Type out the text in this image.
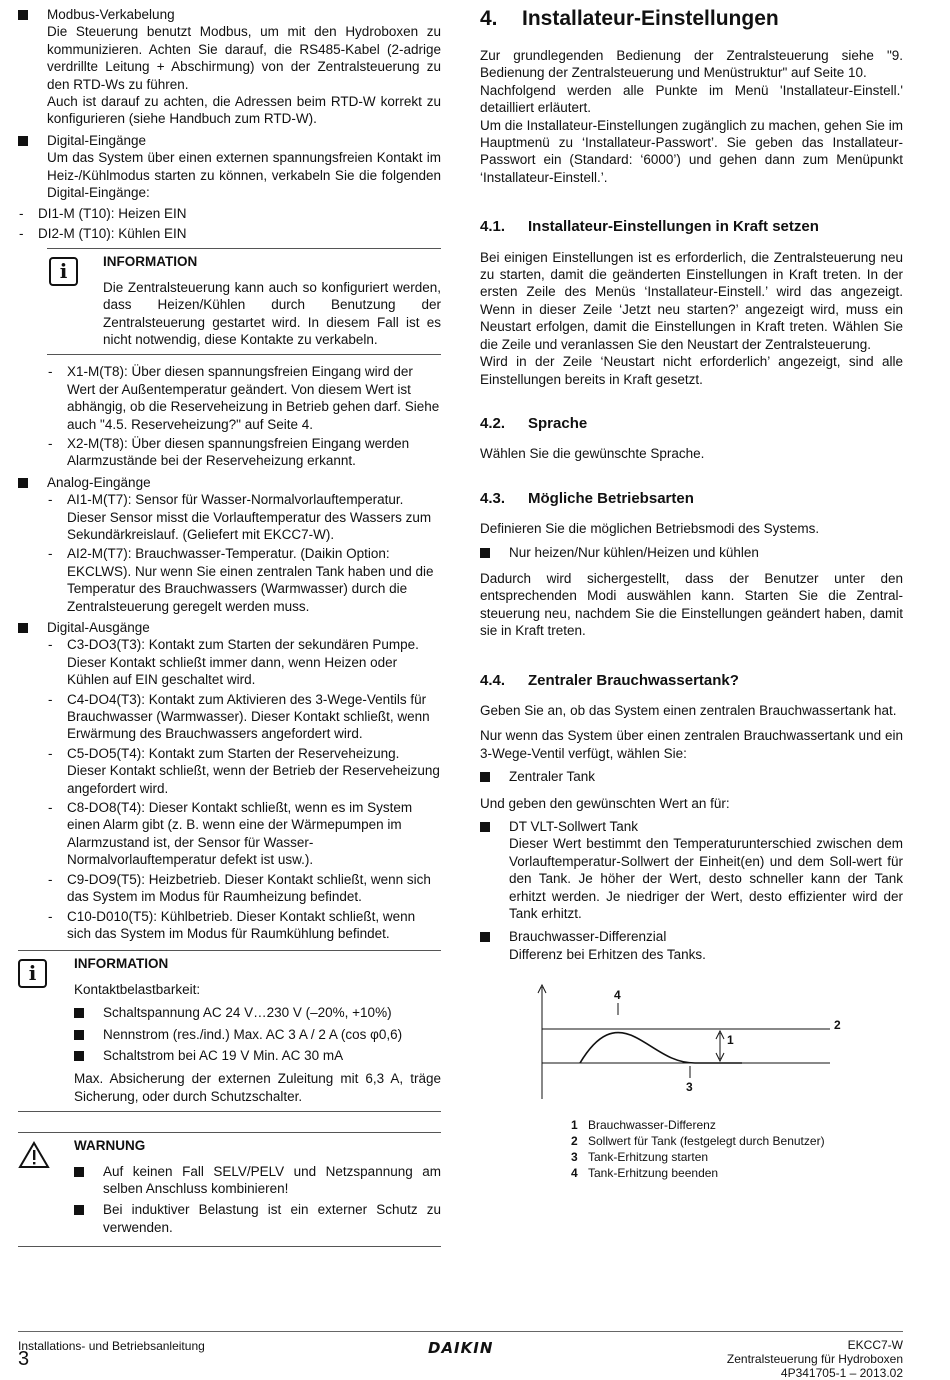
Modbus-Verkabelung

Die Steuerung benutzt Modbus, um mit den Hydroboxen zu kommunizieren. Achten Sie darauf, die RS485-Kabel (2-adrige verdrillte Leitung + Abschirmung) von der Zentralsteuerung zu den RTD-Ws zu führen.

Auch ist darauf zu achten, die Adressen beim RTD-W korrekt zu konfigurieren (siehe Handbuch zum RTD-W).

Digital-Eingänge

Um das System über einen externen spannungsfreien Kontakt im Heiz-/Kühlmodus starten zu können, verkabeln Sie die folgenden Digital-Eingänge:

- DI1-M (T10): Heizen EIN
- DI2-M (T10): Kühlen EIN
i	INFORMATION

Die Zentralsteuerung kann auch so konfiguriert werden, dass Heizen/Kühlen durch Benutzung der Zentralsteuerung gestartet wird. In diesem Fall ist es nicht notwendig, diese Kontakte zu verkabeln.

- X1-M(T8): Über diesen spannungsfreien Eingang wird der Wert der Außentemperatur geändert. Von diesem Wert ist abhängig, ob die Reserveheizung in Betrieb gehen darf. Siehe auch "4.5. Reserveheizung?" auf Seite 4.
- X2-M(T8): Über diesen spannungsfreien Eingang werden Alarmzustände bei der Reserveheizung erkannt.

Analog-Eingänge

- AI1-M(T7): Sensor für Wasser-Normalvorlauftemperatur. Dieser Sensor misst die Vorlauftemperatur des Wassers zum Sekundärkreislauf. (Geliefert mit EKCC7-W).
- AI2-M(T7): Brauchwasser-Temperatur. (Daikin Option: EKCLWS). Nur wenn Sie einen zentralen Tank haben und die Temperatur des Brauchwassers (Warmwasser) durch die Zentralsteuerung geregelt werden muss.

Digital-Ausgänge

- C3-DO3(T3): Kontakt zum Starten der sekundären Pumpe. Dieser Kontakt schließt immer dann, wenn Heizen oder Kühlen auf EIN geschaltet wird.
- C4-DO4(T3): Kontakt zum Aktivieren des 3-Wege-Ventils für Brauchwasser (Warmwasser). Dieser Kontakt schließt, wenn Erwärmung des Brauchwassers angefordert wird.
- C5-DO5(T4): Kontakt zum Starten der Reserveheizung. Dieser Kontakt schließt, wenn der Betrieb der Reserveheizung angefordert wird.
- C8-DO8(T4): Dieser Kontakt schließt, wenn es im System einen Alarm gibt (z. B. wenn eine der Wärmepumpen im Alarmzustand ist, der Sensor für Wasser-Normalvorlauftemperatur defekt ist usw.).
- C9-DO9(T5): Heizbetrieb. Dieser Kontakt schließt, wenn sich das System im Modus für Raumheizung befindet.
- C10-D010(T5): Kühlbetrieb. Dieser Kontakt schließt, wenn sich das System im Modus für Raumkühlung befindet.
i	INFORMATION

Kontaktbelastbarkeit:

Schaltspannung AC 24 V…230 V (–20%, +10%)
Nennstrom (res./ind.) Max. AC 3 A / 2 A (cos φ0,6)
Schaltstrom bei AC 19 V Min. AC 30 mA

Max. Absicherung der externen Zuleitung mit 6,3 A, träge Sicherung, oder durch Schutzschalter.

WARNUNG

Auf keinen Fall SELV/PELV und Netzspannung am selben Anschluss kombinieren!
Bei induktiver Belastung ist ein externer Schutz zu verwenden.
4. Installateur-Einstellungen

Zur grundlegenden Bedienung der Zentralsteuerung siehe "9. Bedienung der Zentralsteuerung und Menüstruktur" auf Seite 10.

Nachfolgend werden alle Punkte im Menü 'Installateur-Einstell.' detailliert erläutert.

Um die Installateur-Einstellungen zugänglich zu machen, gehen Sie im Hauptmenü zu ‘Installateur-Passwort’. Sie geben das Installateur-Passwort ein (Standard: ‘6000’) und gehen dann zum Menüpunkt ‘Installateur-Einstell.’.

4.1. Installateur-Einstellungen in Kraft setzen

Bei einigen Einstellungen ist es erforderlich, die Zentralsteuerung neu zu starten, damit die geänderten Einstellungen in Kraft treten. In der ersten Zeile des Menüs ‘Installateur-Einstell.’ wird das angezeigt. Wenn in dieser Zeile ‘Jetzt neu starten?’ angezeigt wird, muss ein Neustart erfolgen, damit die Einstellungen in Kraft treten. Wählen Sie die Zeile und veranlassen Sie den Neustart der Zentralsteuerung.

Wird in der Zeile ‘Neustart nicht erforderlich’ angezeigt, sind alle Einstellungen bereits in Kraft gesetzt.

4.2. Sprache

Wählen Sie die gewünschte Sprache.

4.3. Mögliche Betriebsarten

Definieren Sie die möglichen Betriebsmodi des Systems.

Nur heizen/Nur kühlen/Heizen und kühlen

Dadurch wird sichergestellt, dass der Benutzer unter den entsprechenden Modi auswählen kann. Starten Sie die Zentral-steuerung neu, nachdem Sie die Einstellungen geändert haben, damit sie in Kraft treten.

4.4. Zentraler Brauchwassertank?

Geben Sie an, ob das System einen zentralen Brauchwassertank hat.

Nur wenn das System über einen zentralen Brauchwassertank und ein 3-Wege-Ventil verfügt, wählen Sie:

Zentraler Tank

Und geben den gewünschten Wert an für:

DT VLT-Sollwert Tank

Dieser Wert bestimmt den Temperaturunterschied zwischen dem Vorlauftemperatur-Sollwert der Einheit(en) und dem Soll-wert für den Tank. Je höher der Wert, desto schneller kann der Tank erhitzt werden. Je niedriger der Wert, desto effizienter wird der Tank erhitzt.

Brauchwasser-Differenzial

Differenz bei Erhitzen des Tanks.

4
2
1
3
1 Brauchwasser-Differenz
2 Sollwert für Tank (festgelegt durch Benutzer)
3 Tank-Erhitzung starten
4 Tank-Erhitzung beenden
Installations- und Betriebsanleitung
3	DAIKIN	EKCC7-W
Zentralsteuerung für Hydroboxen
4P341705-1 – 2013.02
